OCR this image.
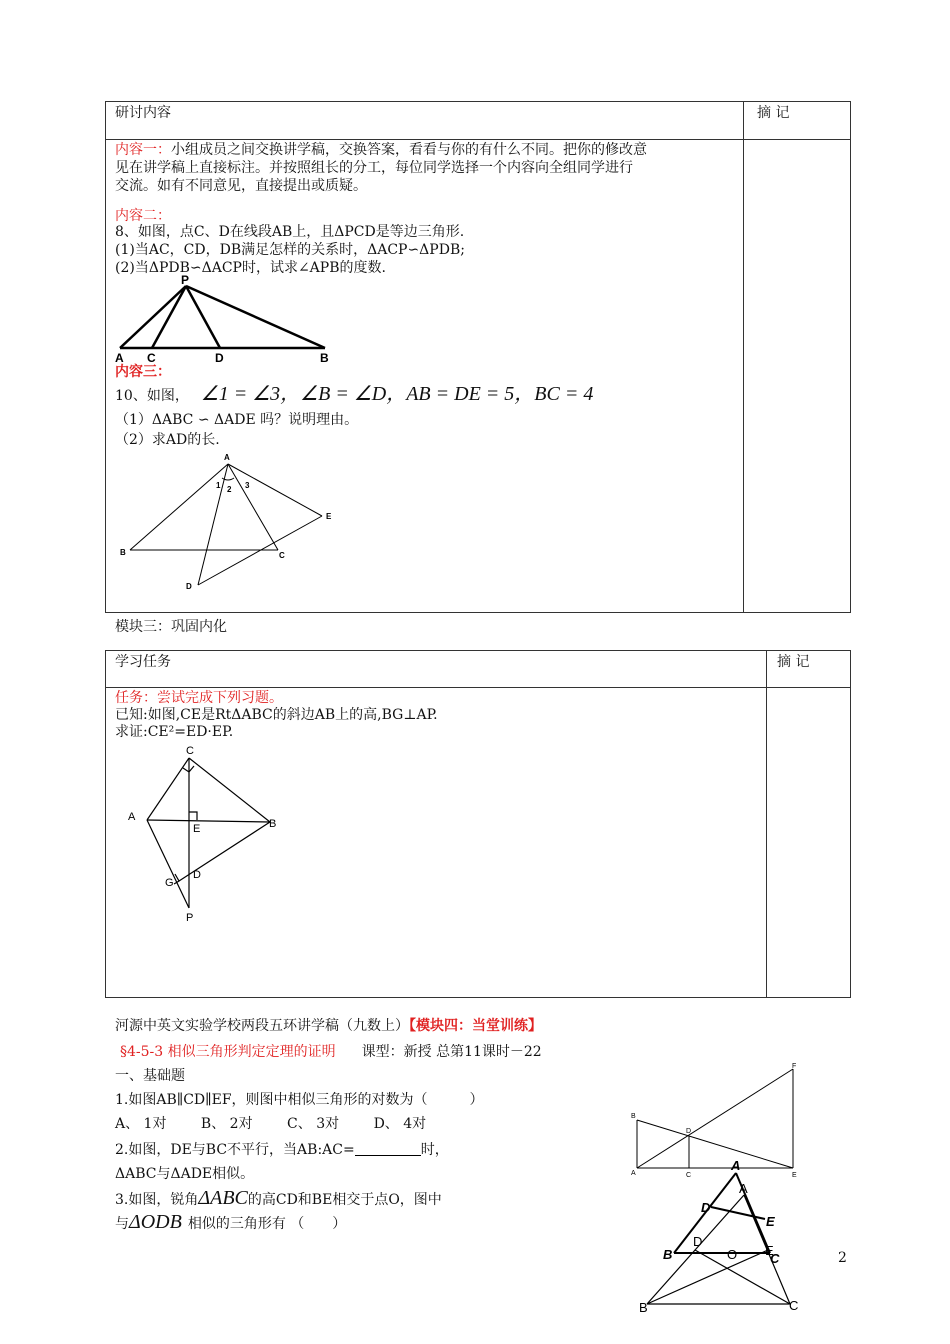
研讨内容	摘 记
内容一：小组成员之间交换讲学稿，交换答案，看看与你的有什么不同。把你的修改意
见在讲学稿上直接标注。并按照组长的分工，每位同学选择一个内容向全组同学进行
交流。如有不同意见，直接提出或质疑。
内容二：
8、如图，点C、D在线段AB上，且ΔPCD是等边三角形.
(1)当AC，CD，DB满足怎样的关系时，ΔACP∽ΔPDB;
(2)当ΔPDB∽ΔACP时，试求∠APB的度数.
P
A C	D	B
内容三：
10、如图， ∠1 = ∠3，∠B = ∠D，AB = DE = 5，BC = 4
（1）ΔABC ∽ ΔADE 吗？说明理由。
（2）求AD的长.
A
1 2 3
E
B	C
D
模块三：巩固内化
学习任务	摘 记
任务：尝试完成下列习题。
已知:如图,CE是RtΔABC的斜边AB上的高,BG⊥AP.
求证:CE²=ED·EP.
C
A
E	B
G
D
P
河源中英文实验学校两段五环讲学稿（九数上）【模块四：当堂训练】
§4-5-3 相似三角形判定定理的证明 课型：新授 总第11课时－22
一、基础题
1.如图AB∥CD∥EF，则图中相似三角形的对数为（　　　）
A、 1对 B、 2对 C、 3对 D、 4对
2.如图，DE与BC不平行，当AB:AC=	时，
ΔABC与ΔADE相似。
3.如图，锐角ΔABC的高CD和BE相交于点O，图中
与ΔODB 相似的三角形有 （　　）
2
F
B
D
A	C	E
A
D
E
B	C
A
D
E
O
B	C
